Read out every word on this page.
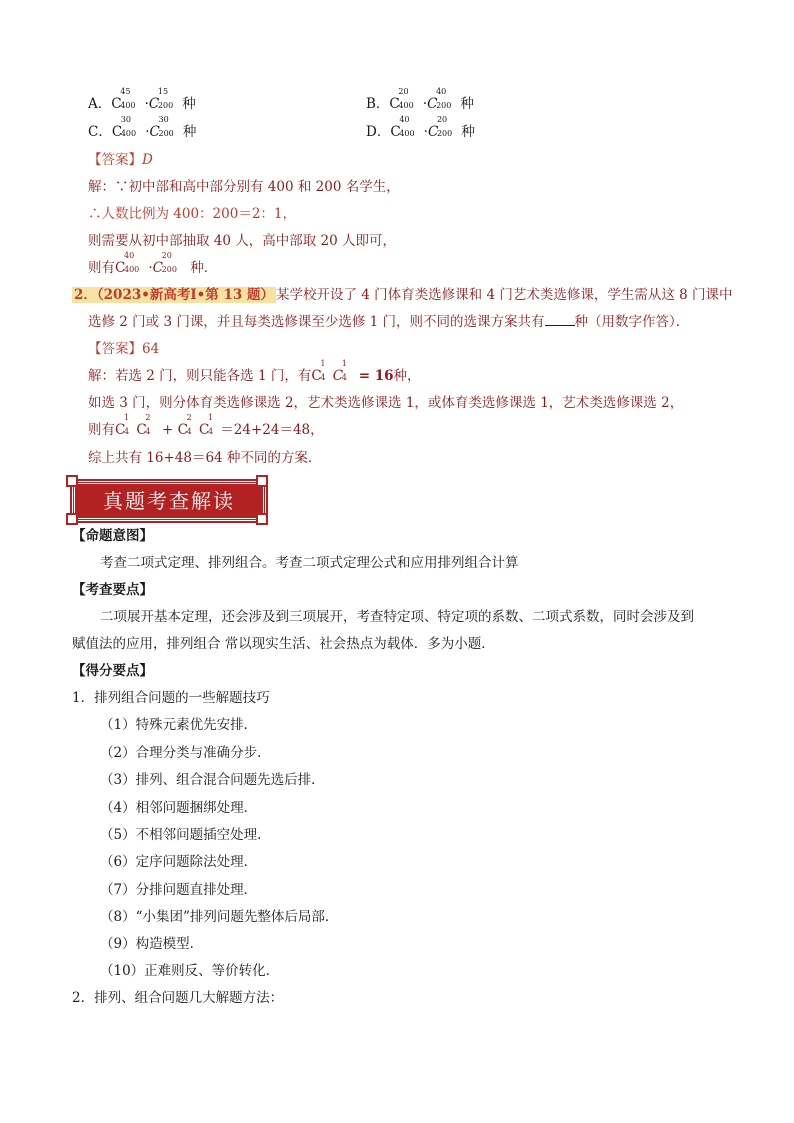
A．C
45
400 ·C
15
200 种	B．C
20
400 ·C
40
200 种
C．C
30
400 ·C
30
200 种	D．C
40
400 ·C
20
200 种
【答案】D
解：∵初中部和高中部分别有 400 和 200 名学生，
∴人数比例为 400：200＝2：1，
则需要从初中部抽取 40 人，高中部取 20 人即可，
则有C
40
400 ·C
20
200 种．
2．（2023•新高考Ⅰ•第 13 题） 某学校开设了 4 门体育类选修课和 4 门艺术类选修课，学生需从这 8 门课中
选修 2 门或 3 门课，并且每类选修课至少选修 1 门，则不同的选课方案共有 种（用数字作答）．
【答案】64
解：若选 2 门，则只能各选 1 门，有C
1
4 C
1
4 = 16种，
如选 3 门，则分体育类选修课选 2，艺术类选修课选 1，或体育类选修课选 1，艺术类选修课选 2，
则有C
1
4 C
2
4 + C
2
4 C
1
4 ＝24+24＝48，
综上共有 16+48＝64 种不同的方案．
真题考查解读
【命题意图】
考查二项式定理、排列组合。考查二项式定理公式和应用排列组合计算
【考查要点】
二项展开基本定理，还会涉及到三项展开，考查特定项、特定项的系数、二项式系数，同时会涉及到
赋值法的应用，排列组合 常以现实生活、社会热点为载体．多为小题．
【得分要点】
1．排列组合问题的一些解题技巧
（1）特殊元素优先安排．
（2）合理分类与准确分步．
（3）排列、组合混合问题先选后排．
（4）相邻问题捆绑处理．
（5）不相邻问题插空处理．
（6）定序问题除法处理．
（7）分排问题直排处理．
（8）“小集团”排列问题先整体后局部．
（9）构造模型．
（10）正难则反、等价转化．
2．排列、组合问题几大解题方法：
